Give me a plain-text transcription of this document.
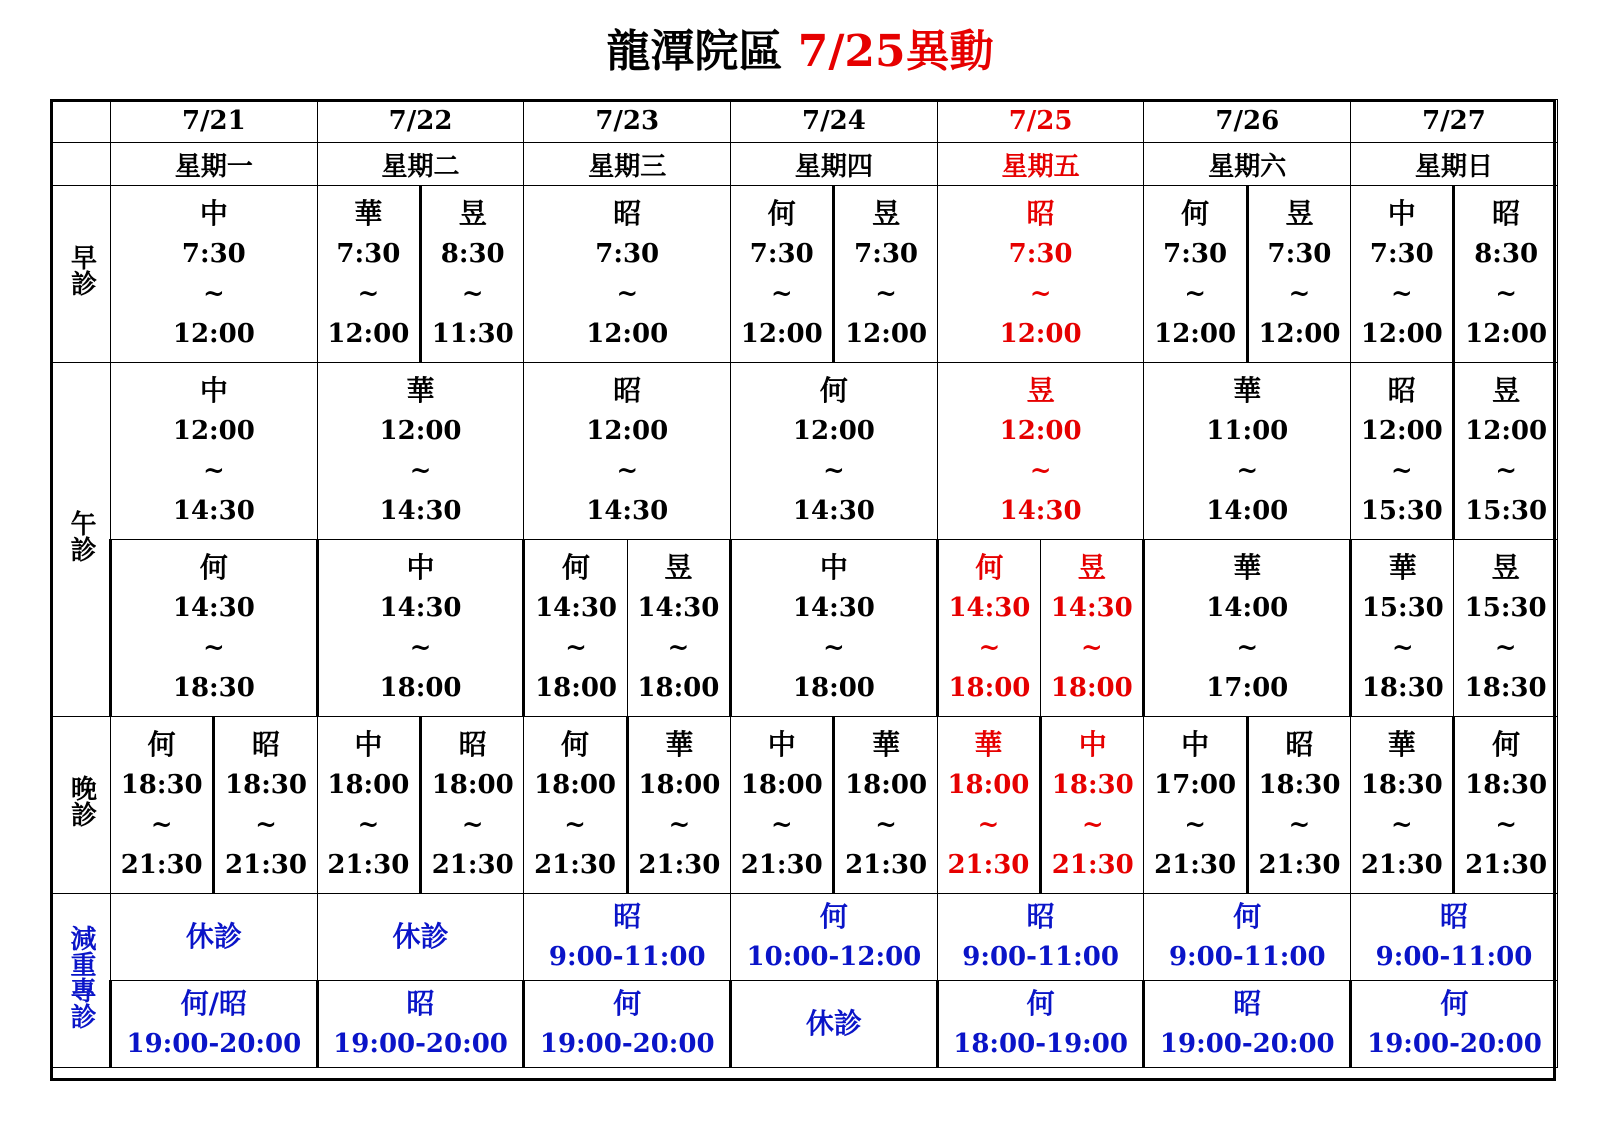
龍潭院區 7/25異動
	7/21		7/22		7/23		7/24		7/25		7/26		7/27	
	星期一		星期二		星期三		星期四		星期五		星期六		星期日	
早診	中
7:30
~
12:00		華
7:30
~
12:00	昱
8:30
~
11:30	昭
7:30
~
12:00		何
7:30
~
12:00	昱
7:30
~
12:00	昭
7:30
~
12:00		何
7:30
~
12:00	昱
7:30
~
12:00	中
7:30
~
12:00	昭
8:30
~
12:00

午診	中
12:00
~
14:30		華
12:00
~
14:30		昭
12:00
~
14:30		何
12:00
~
14:30		昱
12:00
~
14:30		華
11:00
~
14:00		昭
12:00
~
15:30	昱
12:00
~
15:30

	何
14:30
~
18:30		中
14:30
~
18:00		何
14:30
~
18:00	昱
14:30
~
18:00	中
14:30
~
18:00		何
14:30
~
18:00	昱
14:30
~
18:00	華
14:00
~
17:00		華
15:30
~
18:30	昱
15:30
~
18:30

晚診	何
18:30
~
21:30	昭
18:30
~
21:30	中
18:00
~
21:30	昭
18:00
~
21:30	何
18:00
~
21:30	華
18:00
~
21:30	中
18:00
~
21:30	華
18:00
~
21:30	華
18:00
~
21:30	中
18:30
~
21:30	中
17:00
~
21:30	昭
18:30
~
21:30	華
18:30
~
21:30	何
18:30
~
21:30

減重專診	休診		休診		昭
9:00-11:00		何
10:00-12:00		昭
9:00-11:00		何
9:00-11:00		昭
9:00-11:00	

	何/昭
19:00-20:00		昭
19:00-20:00		何
19:00-20:00		休診		何
18:00-19:00		昭
19:00-20:00		何
19:00-20:00	
